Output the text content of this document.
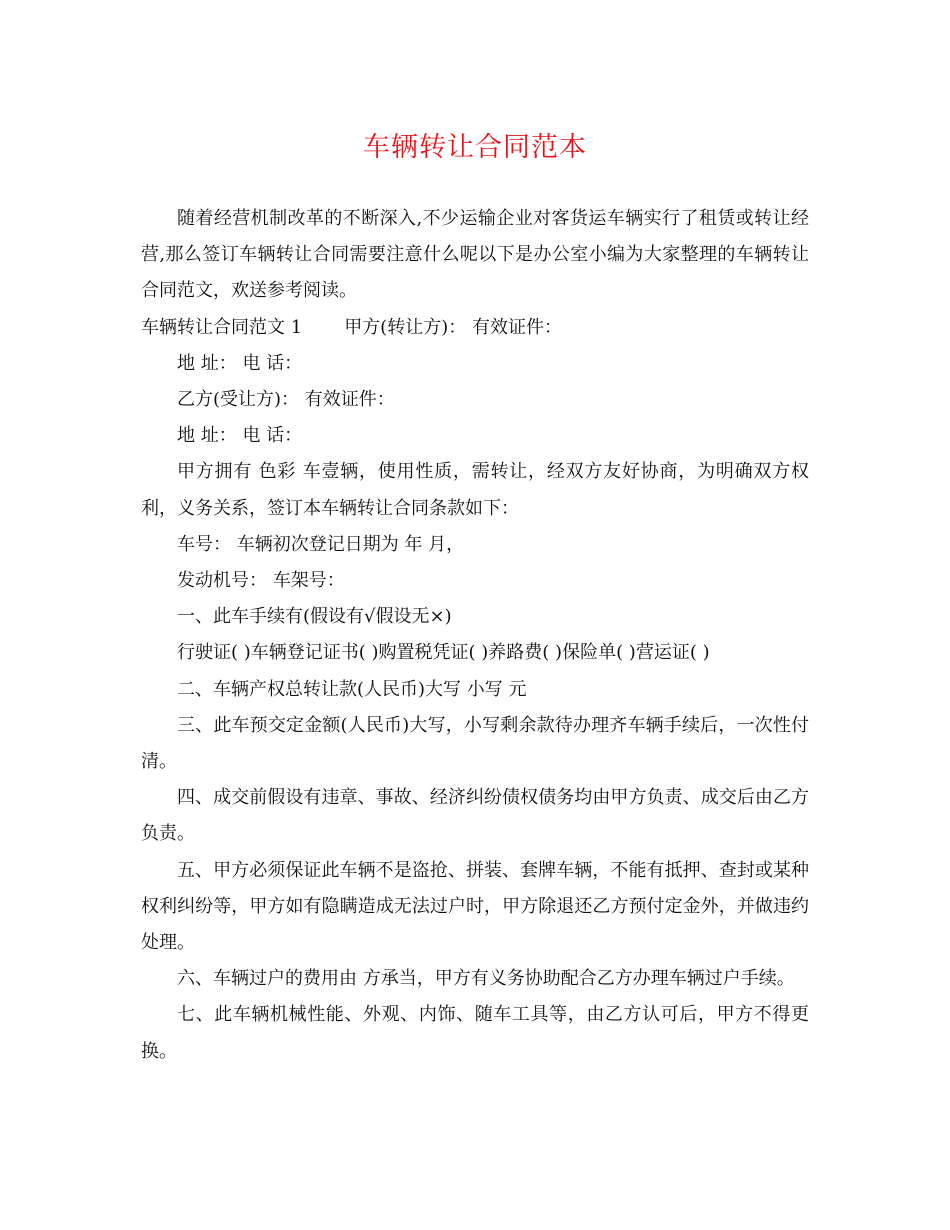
车辆转让合同范本

随着经营机制改革的不断深入,不少运输企业对客货运车辆实行了租赁或转让经营,那么签订车辆转让合同需要注意什么呢以下是办公室小编为大家整理的车辆转让合同范文，欢送参考阅读。

车辆转让合同范文 1 甲方(转让方)： 有效证件：

地 址： 电 话：

乙方(受让方)： 有效证件：

地 址： 电 话：

甲方拥有 色彩 车壹辆，使用性质，需转让，经双方友好协商，为明确双方权利，义务关系，签订本车辆转让合同条款如下：

车号： 车辆初次登记日期为 年 月，

发动机号： 车架号：

一、此车手续有(假设有√假设无×)

行驶证( )车辆登记证书( )购置税凭证( )养路费( )保险单( )营运证( )

二、车辆产权总转让款(人民币)大写 小写 元

三、此车预交定金额(人民币)大写，小写剩余款待办理齐车辆手续后，一次性付清。

四、成交前假设有违章、事故、经济纠纷债权债务均由甲方负责、成交后由乙方负责。

五、甲方必须保证此车辆不是盗抢、拼装、套牌车辆，不能有抵押、查封或某种权利纠纷等，甲方如有隐瞒造成无法过户时，甲方除退还乙方预付定金外，并做违约处理。

六、车辆过户的费用由 方承当，甲方有义务协助配合乙方办理车辆过户手续。

七、此车辆机械性能、外观、内饰、随车工具等，由乙方认可后，甲方不得更换。
